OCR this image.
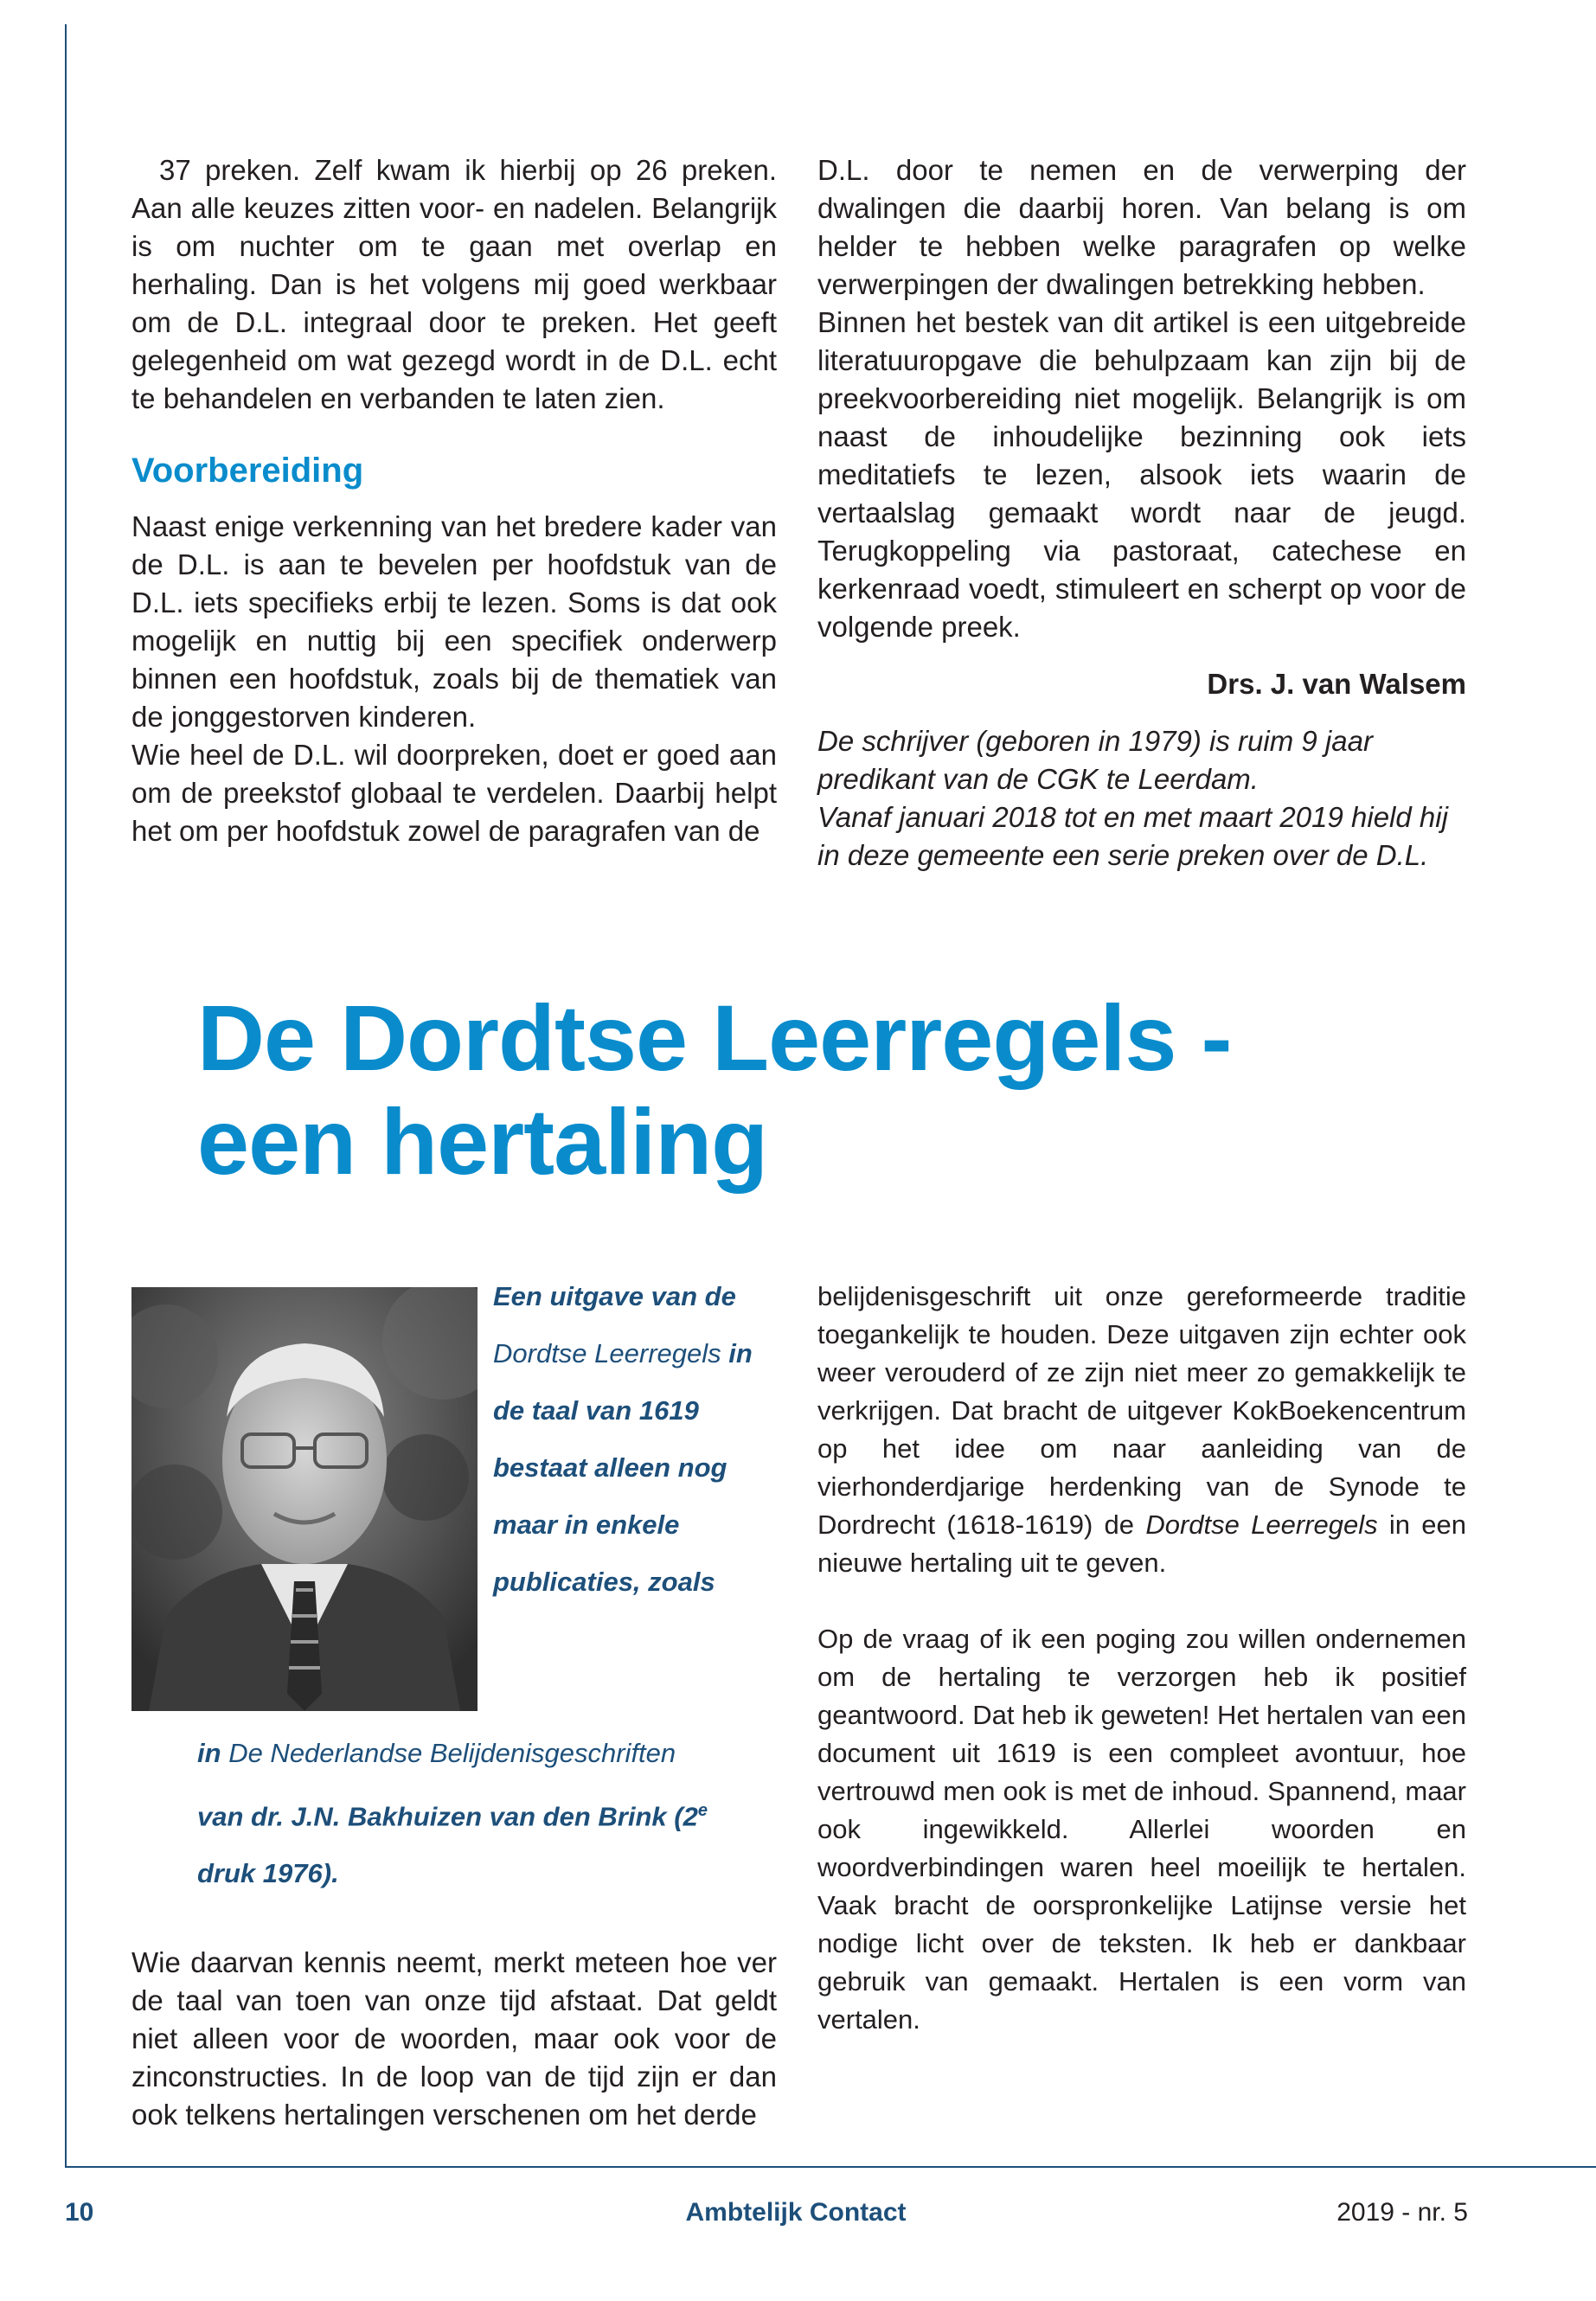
37 preken. Zelf kwam ik hierbij op 26 preken. Aan alle keuzes zitten voor- en nadelen. Belangrijk is om nuchter om te gaan met overlap en herhaling. Dan is het volgens mij goed werkbaar om de D.L. integraal door te preken. Het geeft gelegenheid om wat gezegd wordt in de D.L. echt te behandelen en verbanden te laten zien.

Voorbereiding

Naast enige verkenning van het bredere kader van de D.L. is aan te bevelen per hoofdstuk van de D.L. iets specifieks erbij te lezen. Soms is dat ook mogelijk en nuttig bij een specifiek onderwerp binnen een hoofdstuk, zoals bij de thematiek van de jonggestorven kinderen.

Wie heel de D.L. wil doorpreken, doet er goed aan om de preekstof globaal te verdelen. Daarbij helpt het om per hoofdstuk zowel de paragrafen van de

D.L. door te nemen en de verwerping der dwalingen die daarbij horen. Van belang is om helder te hebben welke paragrafen op welke verwerpingen der dwalingen betrekking hebben.

Binnen het bestek van dit artikel is een uitgebreide literatuuropgave die behulpzaam kan zijn bij de preekvoorbereiding niet mogelijk. Belangrijk is om naast de inhoudelijke bezinning ook iets meditatiefs te lezen, alsook iets waarin de vertaalslag gemaakt wordt naar de jeugd. Terugkoppeling via pastoraat, catechese en kerkenraad voedt, stimuleert en scherpt op voor de volgende preek.

Drs. J. van Walsem

De schrijver (geboren in 1979) is ruim 9 jaar predikant van de CGK te Leerdam.

Vanaf januari 2018 tot en met maart 2019 hield hij in deze gemeente een serie preken over de D.L.

De Dordtse Leerregels -
een hertaling
Een uitgave van de Dordtse Leerregels in de taal van 1619 bestaat alleen nog maar in enkele publicaties, zoals
in De Nederlandse Belijdenisgeschriften
van dr. J.N. Bakhuizen van den Brink (2e
druk 1976).

Wie daarvan kennis neemt, merkt meteen hoe ver de taal van toen van onze tijd afstaat. Dat geldt niet alleen voor de woorden, maar ook voor de zinconstructies. In de loop van de tijd zijn er dan ook telkens hertalingen verschenen om het derde

belijdenisgeschrift uit onze gereformeerde traditie toegankelijk te houden. Deze uitgaven zijn echter ook weer verouderd of ze zijn niet meer zo gemakkelijk te verkrijgen. Dat bracht de uitgever KokBoekencentrum op het idee om naar aanleiding van de vierhonderdjarige herdenking van de Synode te Dordrecht (1618-1619) de Dordtse Leerregels in een nieuwe hertaling uit te geven.

Op de vraag of ik een poging zou willen ondernemen om de hertaling te verzorgen heb ik positief geantwoord. Dat heb ik geweten! Het hertalen van een document uit 1619 is een compleet avontuur, hoe vertrouwd men ook is met de inhoud. Spannend, maar ook ingewikkeld. Allerlei woorden en woordverbindingen waren heel moeilijk te hertalen. Vaak bracht de oorspronkelijke Latijnse versie het nodige licht over de teksten. Ik heb er dankbaar gebruik van gemaakt. Hertalen is een vorm van vertalen.

10	Ambtelijk Contact	2019 - nr. 5
